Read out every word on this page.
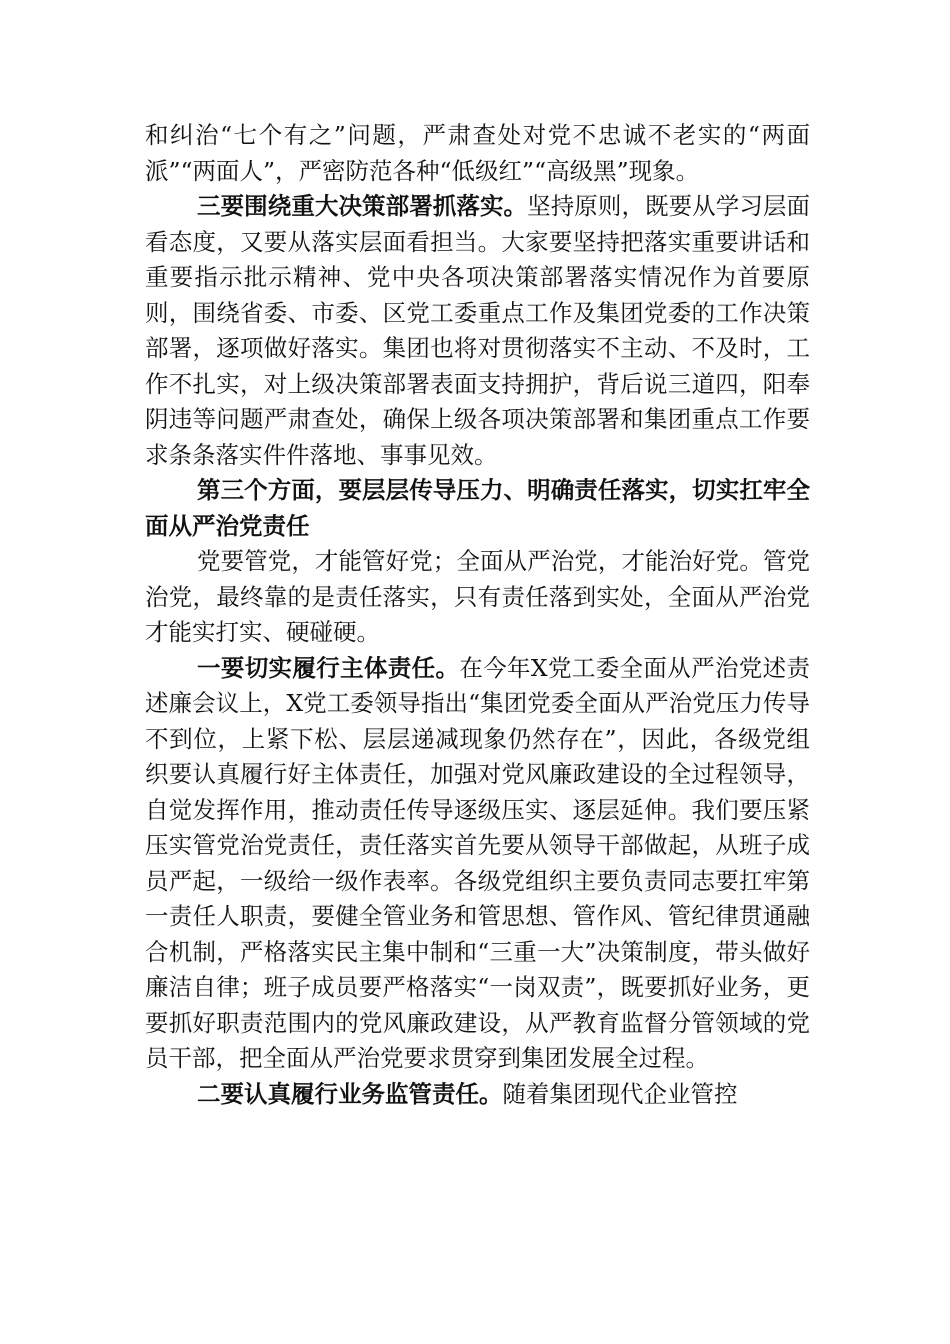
和纠治“七个有之”问题，严肃查处对党不忠诚不老实的“两面派”“两面人”，严密防范各种“低级红”“高级黑”现象。

三要围绕重大决策部署抓落实。坚持原则，既要从学习层面看态度，又要从落实层面看担当。大家要坚持把落实重要讲话和重要指示批示精神、党中央各项决策部署落实情况作为首要原则，围绕省委、市委、区党工委重点工作及集团党委的工作决策部署，逐项做好落实。集团也将对贯彻落实不主动、不及时，工作不扎实，对上级决策部署表面支持拥护，背后说三道四，阳奉阴违等问题严肃查处，确保上级各项决策部署和集团重点工作要求条条落实件件落地、事事见效。

第三个方面，要层层传导压力、明确责任落实，切实扛牢全面从严治党责任

党要管党，才能管好党；全面从严治党，才能治好党。管党治党，最终靠的是责任落实，只有责任落到实处，全面从严治党才能实打实、硬碰硬。

一要切实履行主体责任。在今年X党工委全面从严治党述责述廉会议上，X党工委领导指出“集团党委全面从严治党压力传导不到位，上紧下松、层层递减现象仍然存在”，因此，各级党组织要认真履行好主体责任，加强对党风廉政建设的全过程领导，自觉发挥作用，推动责任传导逐级压实、逐层延伸。我们要压紧压实管党治党责任，责任落实首先要从领导干部做起，从班子成员严起，一级给一级作表率。各级党组织主要负责同志要扛牢第一责任人职责，要健全管业务和管思想、管作风、管纪律贯通融合机制，严格落实民主集中制和“三重一大”决策制度，带头做好廉洁自律；班子成员要严格落实“一岗双责”，既要抓好业务，更要抓好职责范围内的党风廉政建设，从严教育监督分管领域的党员干部，把全面从严治党要求贯穿到集团发展全过程。

二要认真履行业务监管责任。随着集团现代企业管控
